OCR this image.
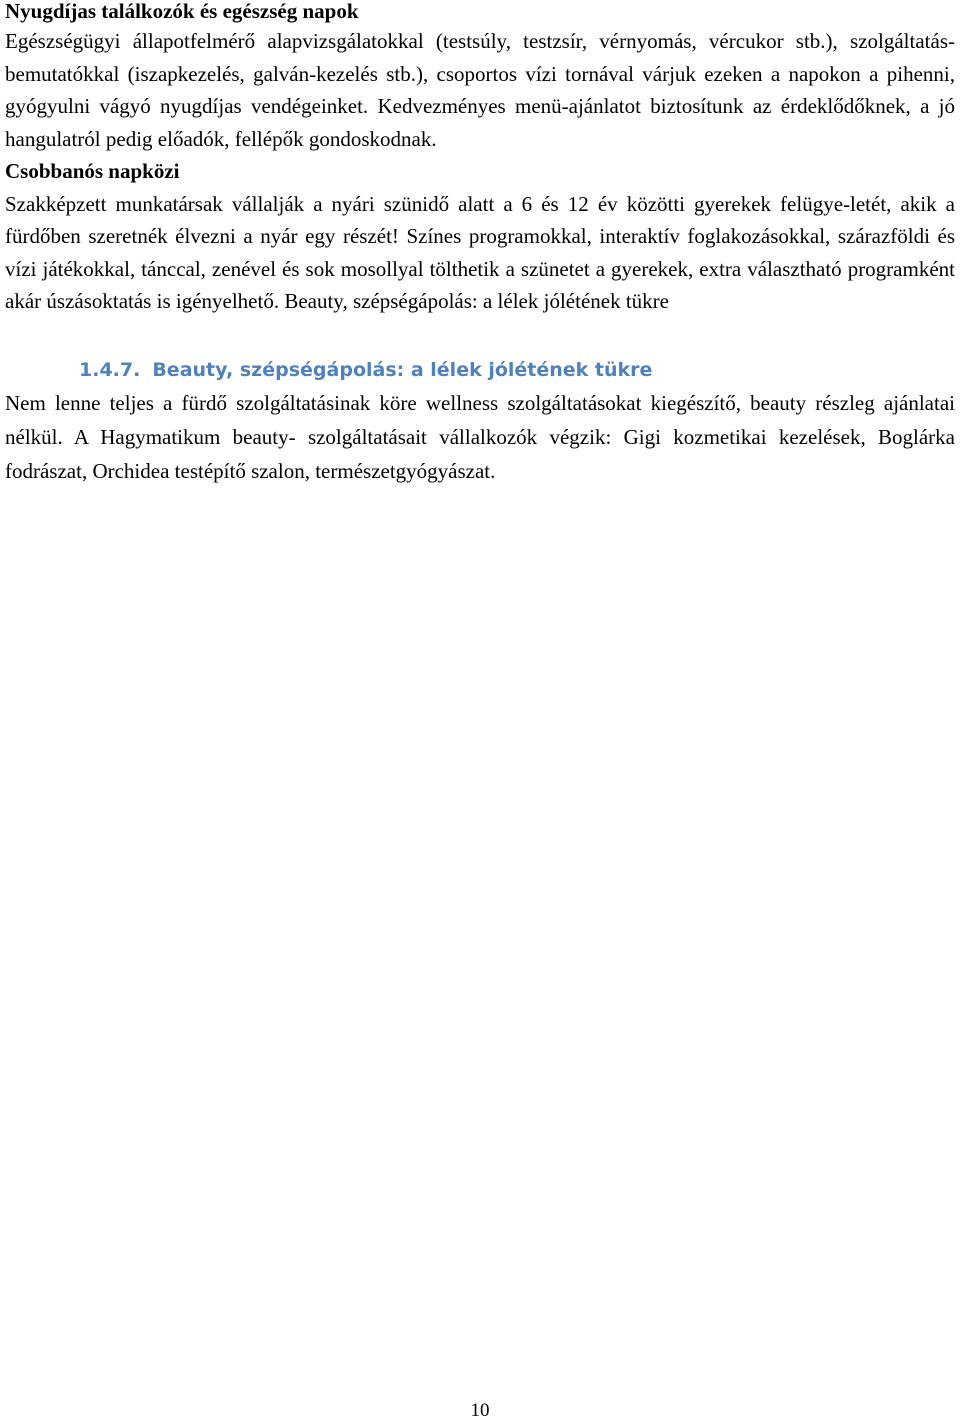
Nyugdíjas találkozók és egészség napok

Egészségügyi állapotfelmérő alapvizsgálatokkal (testsúly, testzsír, vérnyomás, vércukor stb.), szolgáltatás-bemutatókkal (iszapkezelés, galván-kezelés stb.), csoportos vízi tornával várjuk ezeken a napokon a pihenni, gyógyulni vágyó nyugdíjas vendégeinket. Kedvezményes menü-ajánlatot biztosítunk az érdeklődőknek, a jó hangulatról pedig előadók, fellépők gondoskodnak.

Csobbanós napközi

Szakképzett munkatársak vállalják a nyári szünidő alatt a 6 és 12 év közötti gyerekek felügye-letét, akik a fürdőben szeretnék élvezni a nyár egy részét! Színes programokkal, interaktív foglakozásokkal, szárazföldi és vízi játékokkal, tánccal, zenével és sok mosollyal tölthetik a szünetet a gyerekek, extra választható programként akár úszásoktatás is igényelhető. Beauty, szépségápolás: a lélek jólétének tükre

1.4.7. Beauty, szépségápolás: a lélek jólétének tükre

Nem lenne teljes a fürdő szolgáltatásinak köre wellness szolgáltatásokat kiegészítő, beauty részleg ajánlatai nélkül. A Hagymatikum beauty- szolgáltatásait vállalkozók végzik: Gigi kozmetikai kezelések, Boglárka fodrászat, Orchidea testépítő szalon, természetgyógyászat.

10
